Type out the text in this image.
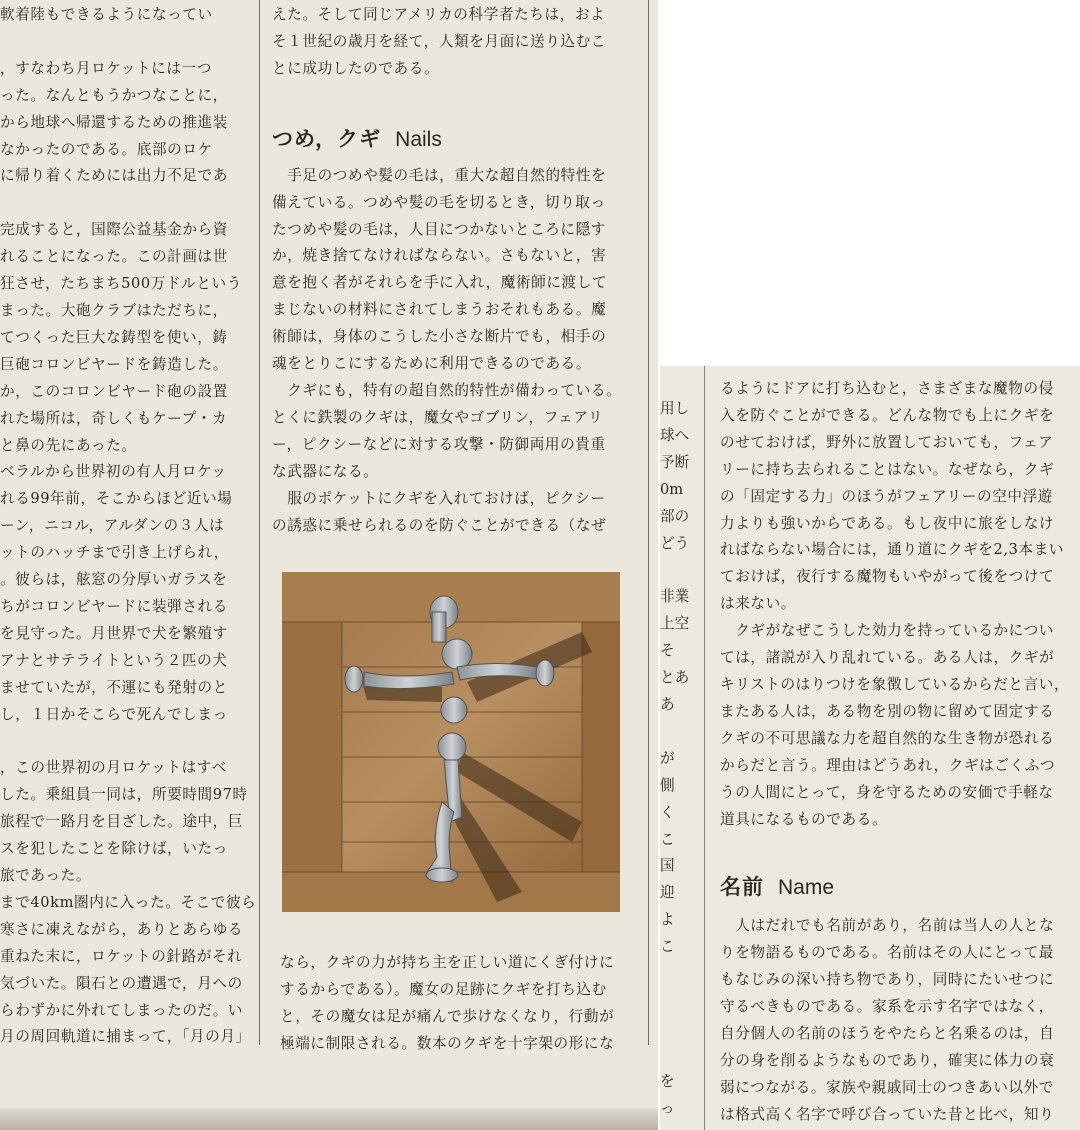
軟着陸もできるようになってい

，すなわち月ロケットには一つ

った。なんともうかつなことに，

から地球へ帰還するための推進装

なかったのである。底部のロケ

に帰り着くためには出力不足であ

完成すると，国際公益基金から資

れることになった。この計画は世

狂させ，たちまち500万ドルという

まった。大砲クラブはただちに，

てつくった巨大な鋳型を使い，鋳

巨砲コロンビヤードを鋳造した。

か，このコロンビヤード砲の設置

れた場所は，奇しくもケープ・カ

と鼻の先にあった。

ベラルから世界初の有人月ロケッ

れる99年前，そこからほど近い場

ーン，ニコル，アルダンの３人は

ットのハッチまで引き上げられ，

。彼らは，舷窓の分厚いガラスを

ちがコロンビヤードに装弾される

を見守った。月世界で犬を繁殖す

アナとサテライトという２匹の犬

ませていたが，不運にも発射のと

し，１日かそこらで死んでしまっ

，この世界初の月ロケットはすべ

した。乗組員一同は，所要時間97時

旅程で一路月を目ざした。途中，巨

スを犯したことを除けば，いたっ

旅であった。

まで40km圏内に入った。そこで彼ら

寒さに凍えながら，ありとあらゆる

重ねた末に，ロケットの針路がそれ

気づいた。隕石との遭遇で，月への

らわずかに外れてしまったのだ。い

月の周回軌道に捕まって，「月の月」

えた。そして同じアメリカの科学者たちは，およ

そ１世紀の歳月を経て，人類を月面に送り込むこ

とに成功したのである。

つめ，クギ Nails

　手足のつめや髪の毛は，重大な超自然的特性を

備えている。つめや髪の毛を切るとき，切り取っ

たつめや髪の毛は，人目につかないところに隠す

か，焼き捨てなければならない。さもないと，害

意を抱く者がそれらを手に入れ，魔術師に渡して

まじないの材料にされてしまうおそれもある。魔

術師は，身体のこうした小さな断片でも，相手の

魂をとりこにするために利用できるのである。

　クギにも，特有の超自然的特性が備わっている。

とくに鉄製のクギは，魔女やゴブリン，フェアリ

ー，ピクシーなどに対する攻撃・防御両用の貴重

な武器になる。

　服のポケットにクギを入れておけば，ピクシー

の誘惑に乗せられるのを防ぐことができる（なぜ

なら，クギの力が持ち主を正しい道にくぎ付けに

するからである）。魔女の足跡にクギを打ち込む

と，その魔女は足が痛んで歩けなくなり，行動が

極端に制限される。数本のクギを十字架の形にな

用し

球へ

予断

0m

部の

どう

非業

上空

そ

とあ

あ

が

側

く

こ

国

迎

よ

こ

を

っ

るようにドアに打ち込むと，さまざまな魔物の侵

入を防ぐことができる。どんな物でも上にクギを

のせておけば，野外に放置しておいても，フェア

リーに持ち去られることはない。なぜなら，クギ

の「固定する力」のほうがフェアリーの空中浮遊

力よりも強いからである。もし夜中に旅をしなけ

ればならない場合には，通り道にクギを2,3本まい

ておけば，夜行する魔物もいやがって後をつけて

は来ない。

　クギがなぜこうした効力を持っているかについ

ては，諸説が入り乱れている。ある人は，クギが

キリストのはりつけを象徴しているからだと言い，

またある人は，ある物を別の物に留めて固定する

クギの不可思議な力を超自然的な生き物が恐れる

からだと言う。理由はどうあれ，クギはごくふつ

うの人間にとって，身を守るための安価で手軽な

道具になるものである。

名前 Name

　人はだれでも名前があり，名前は当人の人とな

りを物語るものである。名前はその人にとって最

もなじみの深い持ち物であり，同時にたいせつに

守るべきものである。家系を示す名字ではなく，

自分個人の名前のほうをやたらと名乗るのは，自

分の身を削るようなものであり，確実に体力の衰

弱につながる。家族や親戚同士のつきあい以外で

は格式高く名字で呼び合っていた昔と比べ，知り
